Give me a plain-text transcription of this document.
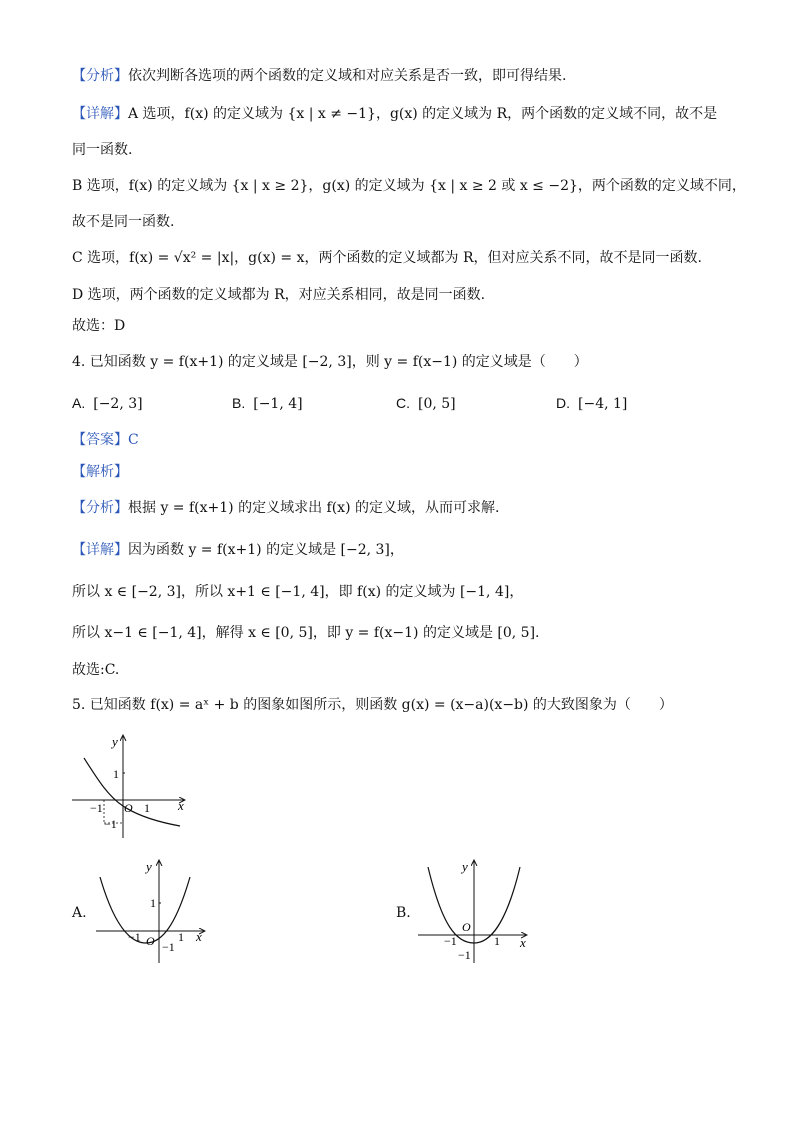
【分析】依次判断各选项的两个函数的定义域和对应关系是否一致，即可得结果.
【详解】A 选项，f(x) 的定义域为 {x | x ≠ −1}，g(x) 的定义域为 R，两个函数的定义域不同，故不是
同一函数.
B 选项，f(x) 的定义域为 {x | x ≥ 2}，g(x) 的定义域为 {x | x ≥ 2 或 x ≤ −2}，两个函数的定义域不同，
故不是同一函数.
C 选项，f(x) = √x² = |x|，g(x) = x，两个函数的定义域都为 R，但对应关系不同，故不是同一函数.
D 选项，两个函数的定义域都为 R，对应关系相同，故是同一函数.
故选：D
4. 已知函数 y = f(x+1) 的定义域是 [−2, 3]，则 y = f(x−1) 的定义域是（　　）
A. [−2, 3]	B. [−1, 4]	C. [0, 5]	D. [−4, 1]
【答案】C
【解析】
【分析】根据 y = f(x+1) 的定义域求出 f(x) 的定义域，从而可求解.
【详解】因为函数 y = f(x+1) 的定义域是 [−2, 3]，
所以 x ∈ [−2, 3]，所以 x+1 ∈ [−1, 4]，即 f(x) 的定义域为 [−1, 4]，
所以 x−1 ∈ [−1, 4]，解得 x ∈ [0, 5]，即 y = f(x−1) 的定义域是 [0, 5].
故选:C.
5. 已知函数 f(x) = aˣ + b 的图象如图所示，则函数 g(x) = (x−a)(x−b) 的大致图象为（　　）
y
1
−1 O 1 x
−1
A.
y
1
−1 O 1 x
−1
B.
y
O
−1	1 x
−1
